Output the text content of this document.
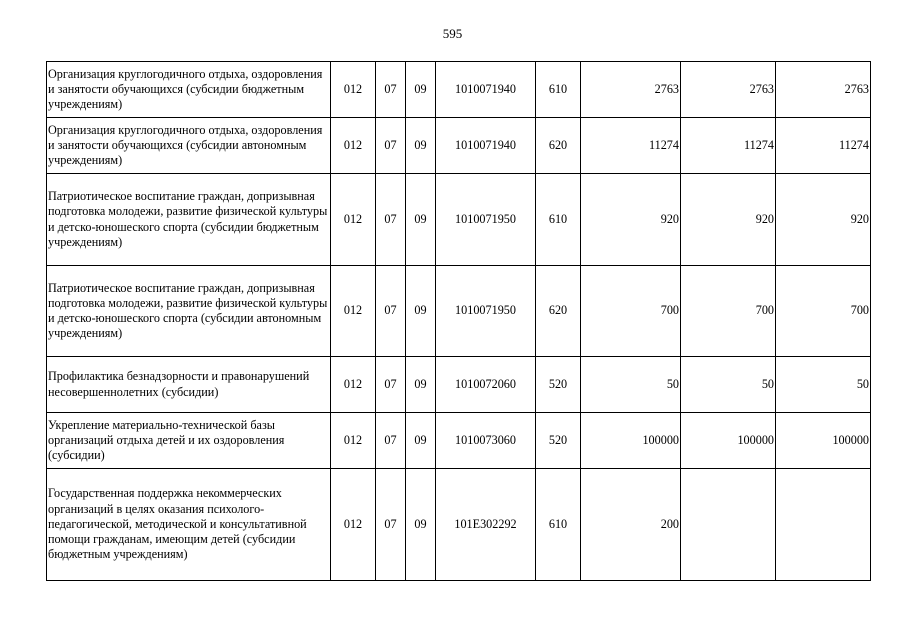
595
Организация круглогодичного отдыха, оздоровления и занятости обучающихся (субсидии бюджетным учреждениям)	012	07	09	1010071940	610	2763	2763	2763
Организация круглогодичного отдыха, оздоровления и занятости обучающихся (субсидии автономным учреждениям)	012	07	09	1010071940	620	11274	11274	11274
Патриотическое воспитание граждан, допризывная подготовка молодежи, развитие физической культуры и детско-юношеского спорта (субсидии бюджетным учреждениям)	012	07	09	1010071950	610	920	920	920
Патриотическое воспитание граждан, допризывная подготовка молодежи, развитие физической культуры и детско-юношеского спорта (субсидии автономным учреждениям)	012	07	09	1010071950	620	700	700	700
Профилактика безнадзорности и правонарушений несовершеннолетних (субсидии)	012	07	09	1010072060	520	50	50	50
Укрепление материально-технической базы организаций отдыха детей и их оздоровления (субсидии)	012	07	09	1010073060	520	100000	100000	100000
Государственная поддержка некоммерческих организаций в целях оказания психолого-педагогической, методической и консультативной помощи гражданам, имеющим детей (субсидии бюджетным учреждениям)	012	07	09	101E302292	610	200		
